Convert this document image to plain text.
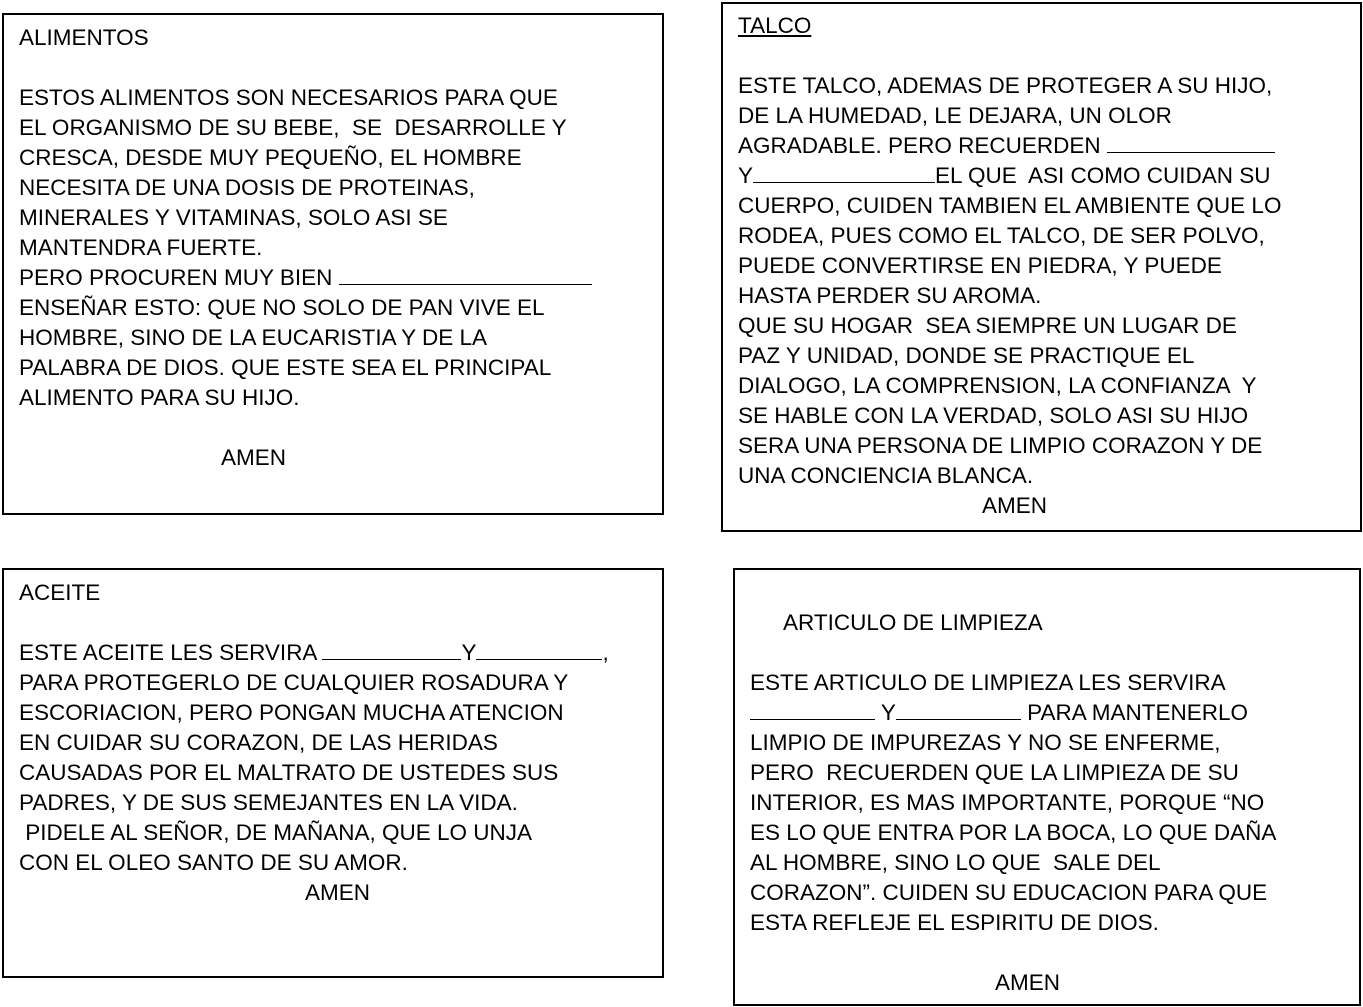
ALIMENTOS
ESTOS ALIMENTOS SON NECESARIOS PARA QUE
EL ORGANISMO DE SU BEBE,  SE  DESARROLLE Y
CRESCA, DESDE MUY PEQUEÑO, EL HOMBRE
NECESITA DE UNA DOSIS DE PROTEINAS,
MINERALES Y VITAMINAS, SOLO ASI SE
MANTENDRA FUERTE.
PERO PROCUREN MUY BIEN
ENSEÑAR ESTO: QUE NO SOLO DE PAN VIVE EL
HOMBRE, SINO DE LA EUCARISTIA Y DE LA
PALABRA DE DIOS. QUE ESTE SEA EL PRINCIPAL
ALIMENTO PARA SU HIJO.
AMEN
TALCO
ESTE TALCO, ADEMAS DE PROTEGER A SU HIJO,
DE LA HUMEDAD, LE DEJARA, UN OLOR
AGRADABLE. PERO RECUERDEN
Y	EL QUE  ASI COMO CUIDAN SU
CUERPO, CUIDEN TAMBIEN EL AMBIENTE QUE LO
RODEA, PUES COMO EL TALCO, DE SER POLVO,
PUEDE CONVERTIRSE EN PIEDRA, Y PUEDE
HASTA PERDER SU AROMA.
QUE SU HOGAR  SEA SIEMPRE UN LUGAR DE
PAZ Y UNIDAD, DONDE SE PRACTIQUE EL
DIALOGO, LA COMPRENSION, LA CONFIANZA  Y
SE HABLE CON LA VERDAD, SOLO ASI SU HIJO
SERA UNA PERSONA DE LIMPIO CORAZON Y DE
UNA CONCIENCIA BLANCA.
AMEN
ACEITE
ESTE ACEITE LES SERVIRA	Y	,
PARA PROTEGERLO DE CUALQUIER ROSADURA Y
ESCORIACION, PERO PONGAN MUCHA ATENCION
EN CUIDAR SU CORAZON, DE LAS HERIDAS
CAUSADAS POR EL MALTRATO DE USTEDES SUS
PADRES, Y DE SUS SEMEJANTES EN LA VIDA.
PIDELE AL SEÑOR, DE MAÑANA, QUE LO UNJA
CON EL OLEO SANTO DE SU AMOR.
AMEN
ARTICULO DE LIMPIEZA
ESTE ARTICULO DE LIMPIEZA LES SERVIRA
Y	PARA MANTENERLO
LIMPIO DE IMPUREZAS Y NO SE ENFERME,
PERO  RECUERDEN QUE LA LIMPIEZA DE SU
INTERIOR, ES MAS IMPORTANTE, PORQUE “NO
ES LO QUE ENTRA POR LA BOCA, LO QUE DAÑA
AL HOMBRE, SINO LO QUE  SALE DEL
CORAZON”. CUIDEN SU EDUCACION PARA QUE
ESTA REFLEJE EL ESPIRITU DE DIOS.
AMEN
